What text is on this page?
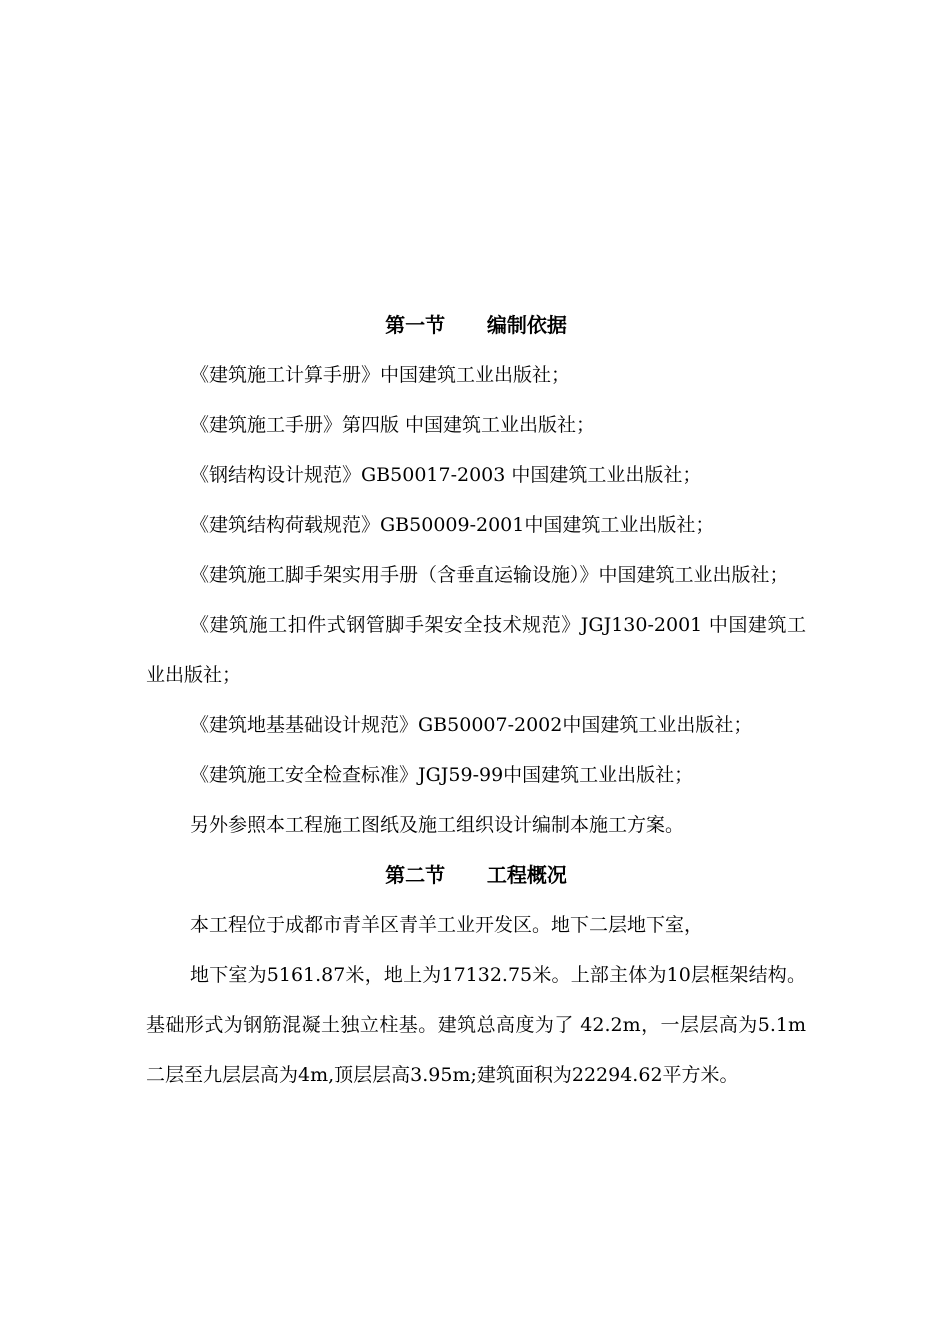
第一节      编制依据

《建筑施工计算手册》中国建筑工业出版社；

《建筑施工手册》第四版 中国建筑工业出版社；

《钢结构设计规范》GB50017-2003 中国建筑工业出版社；

《建筑结构荷载规范》GB50009-2001中国建筑工业出版社；

《建筑施工脚手架实用手册（含垂直运输设施）》中国建筑工业出版社；

《建筑施工扣件式钢管脚手架安全技术规范》JGJ130-2001 中国建筑工业出版社；

《建筑地基基础设计规范》GB50007-2002中国建筑工业出版社；

《建筑施工安全检查标准》JGJ59-99中国建筑工业出版社；

另外参照本工程施工图纸及施工组织设计编制本施工方案。

第二节      工程概况

本工程位于成都市青羊区青羊工业开发区。地下二层地下室，

地下室为5161.87米，地上为17132.75米。上部主体为10层框架结构。基础形式为钢筋混凝土独立柱基。建筑总高度为了 42.2m，一层层高为5.1m二层至九层层高为4m,顶层层高3.95m;建筑面积为22294.62平方米。
